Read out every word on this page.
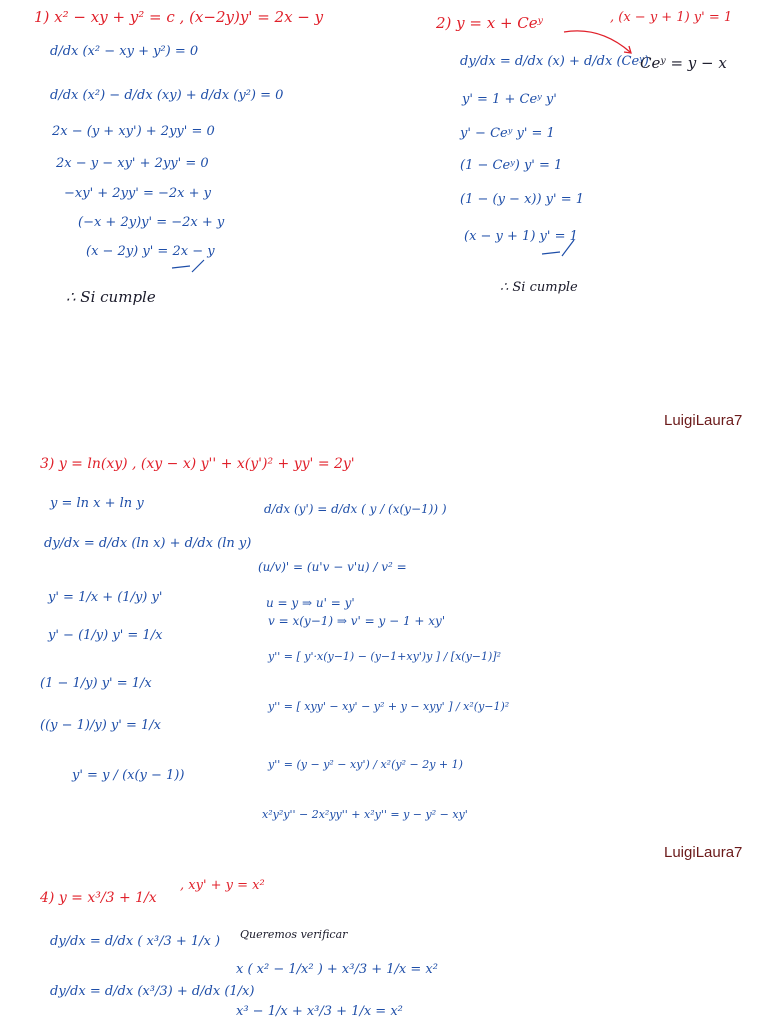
1) x² − xy + y² = c , (x−2y)y' = 2x − y
d/dx (x² − xy + y²) = 0
d/dx (x²) − d/dx (xy) + d/dx (y²) = 0
2x − (y + xy') + 2yy' = 0
2x − y − xy' + 2yy' = 0
−xy' + 2yy' = −2x + y
(−x + 2y)y' = −2x + y
(x − 2y) y' = 2x − y
∴ Si cumple
2) y = x + Ceʸ	, (x − y + 1) y' = 1
Ceʸ = y − x
dy/dx = d/dx (x) + d/dx (Ceʸ)
y' = 1 + Ceʸ y'
y' − Ceʸ y' = 1
(1 − Ceʸ) y' = 1
(1 − (y − x)) y' = 1
(x − y + 1) y' = 1
∴ Si cumple
LuigiLaura7
3) y = ln(xy) , (xy − x) y'' + x(y')² + yy' = 2y'
y = ln x + ln y
dy/dx = d/dx (ln x) + d/dx (ln y)
y' = 1/x + (1/y) y'
y' − (1/y) y' = 1/x
(1 − 1/y) y' = 1/x
((y − 1)/y) y' = 1/x
y' = y / (x(y − 1))
d/dx (y') = d/dx ( y / (x(y−1)) )
(u/v)' = (u'v − v'u) / v² =
u = y ⇒ u' = y'
v = x(y−1) ⇒ v' = y − 1 + xy'
y'' = [ y'·x(y−1) − (y−1+xy')y ] / [x(y−1)]²
y'' = [ xyy' − xy' − y² + y − xyy' ] / x²(y−1)²
y'' = (y − y² − xy') / x²(y² − 2y + 1)
x²y²y'' − 2x²yy'' + x²y'' = y − y² − xy'
LuigiLaura7
4) y = x³/3 + 1/x
, xy' + y = x²
dy/dx = d/dx ( x³/3 + 1/x )
dy/dx = d/dx (x³/3) + d/dx (1/x)
Queremos verificar
x ( x² − 1/x² ) + x³/3 + 1/x = x²
x³ − 1/x + x³/3 + 1/x = x²
